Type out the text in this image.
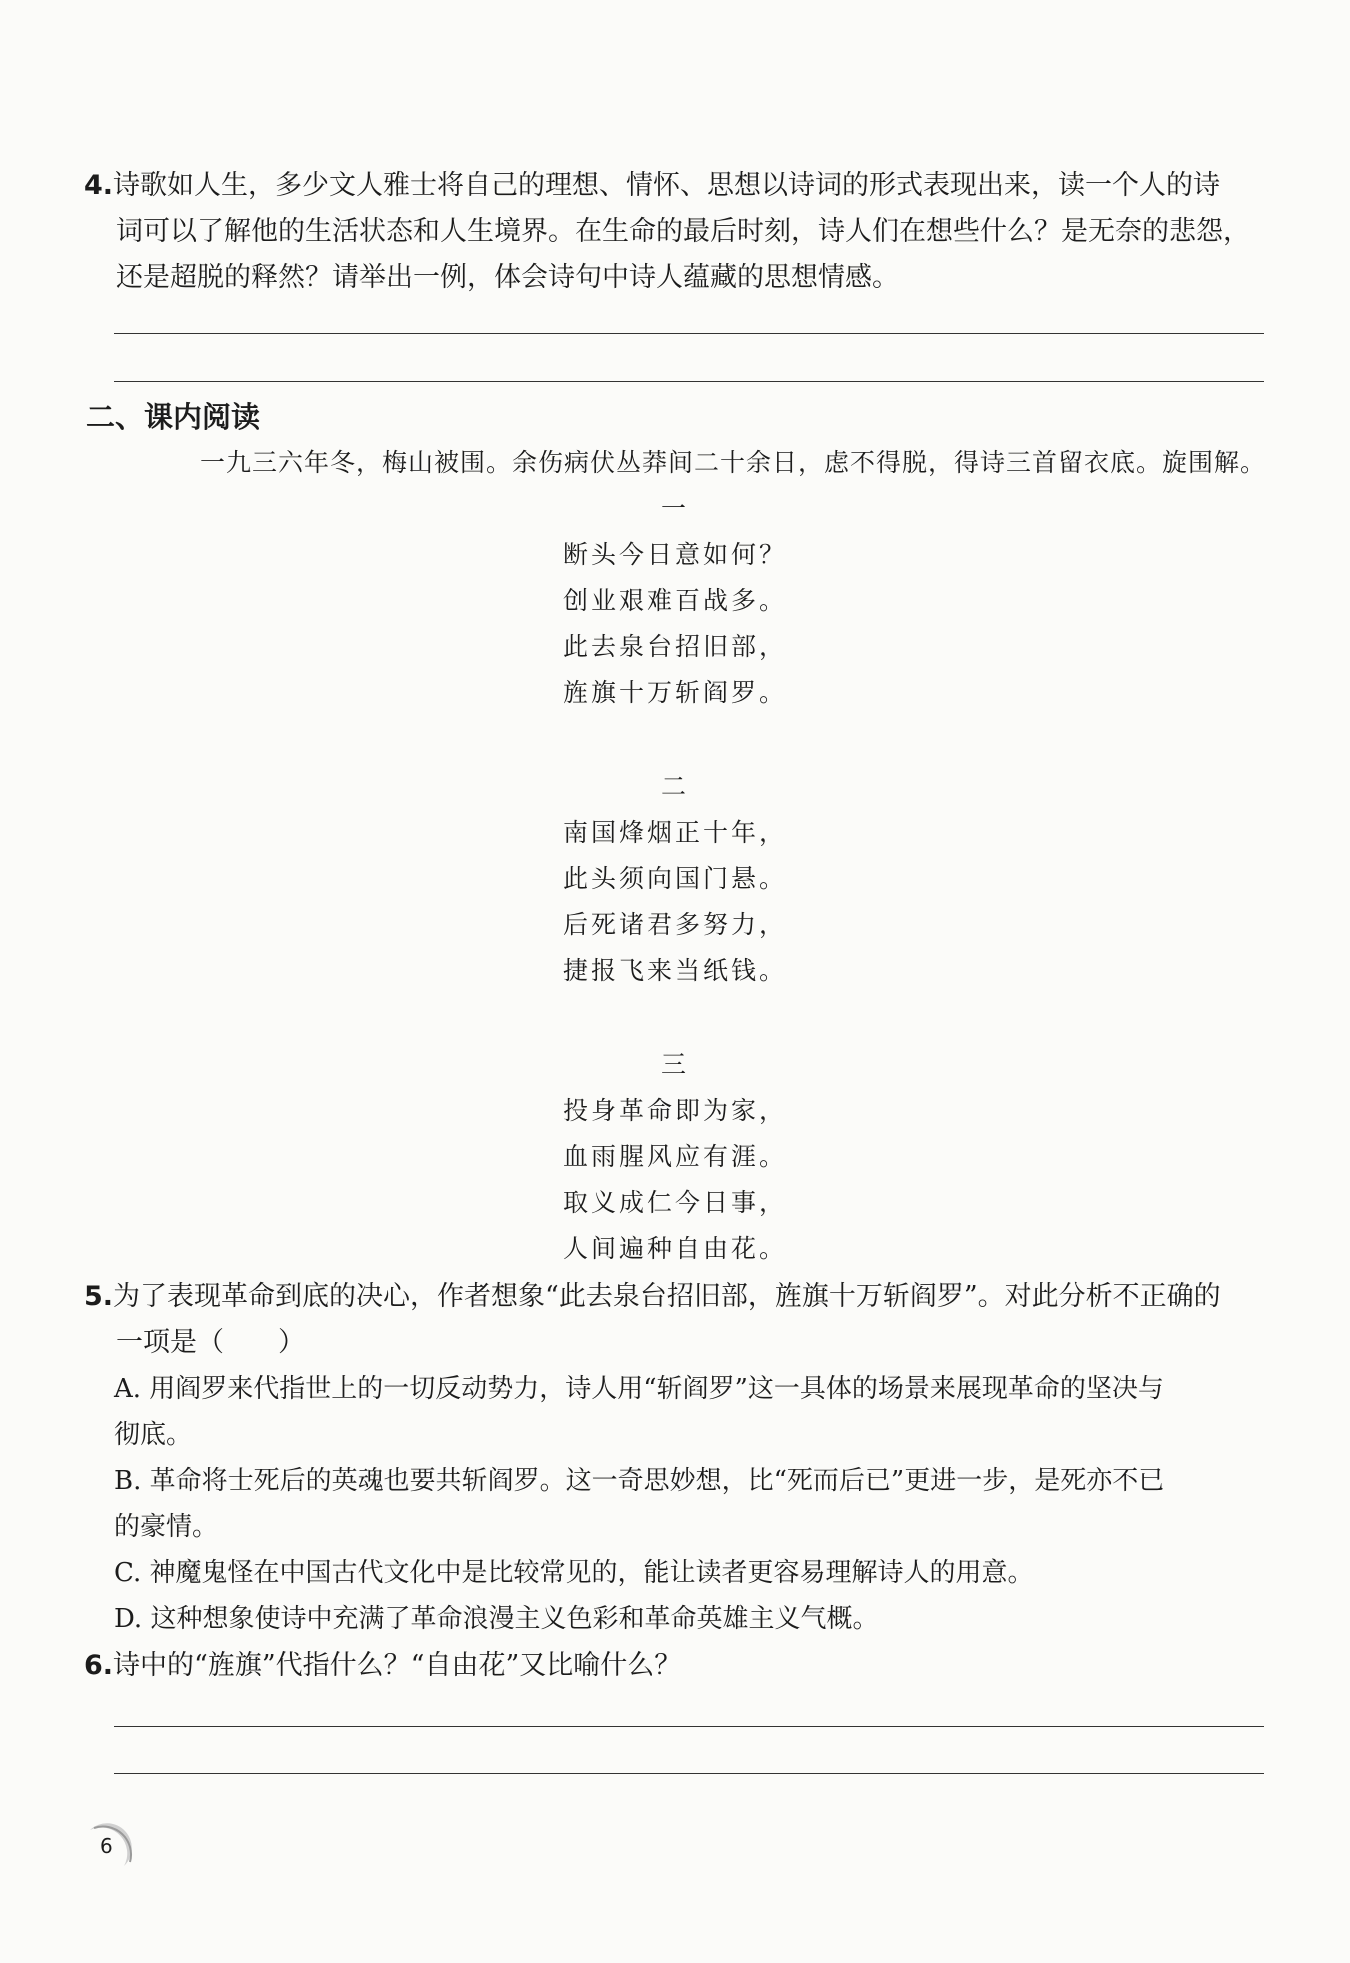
4.诗歌如人生，多少文人雅士将自己的理想、情怀、思想以诗词的形式表现出来，读一个人的诗
词可以了解他的生活状态和人生境界。在生命的最后时刻，诗人们在想些什么？是无奈的悲怨，
还是超脱的释然？请举出一例，体会诗句中诗人蕴藏的思想情感。
二、课内阅读
一九三六年冬，梅山被围。余伤病伏丛莽间二十余日，虑不得脱，得诗三首留衣底。旋围解。
一
断头今日意如何？
创业艰难百战多。
此去泉台招旧部，
旌旗十万斩阎罗。
二
南国烽烟正十年，
此头须向国门悬。
后死诸君多努力，
捷报飞来当纸钱。
三
投身革命即为家，
血雨腥风应有涯。
取义成仁今日事，
人间遍种自由花。
5.为了表现革命到底的决心，作者想象“此去泉台招旧部，旌旗十万斩阎罗”。对此分析不正确的
一项是（　　）
A. 用阎罗来代指世上的一切反动势力，诗人用“斩阎罗”这一具体的场景来展现革命的坚决与
彻底。
B. 革命将士死后的英魂也要共斩阎罗。这一奇思妙想，比“死而后已”更进一步，是死亦不已
的豪情。
C. 神魔鬼怪在中国古代文化中是比较常见的，能让读者更容易理解诗人的用意。
D. 这种想象使诗中充满了革命浪漫主义色彩和革命英雄主义气概。
6.诗中的“旌旗”代指什么？“自由花”又比喻什么？
6
